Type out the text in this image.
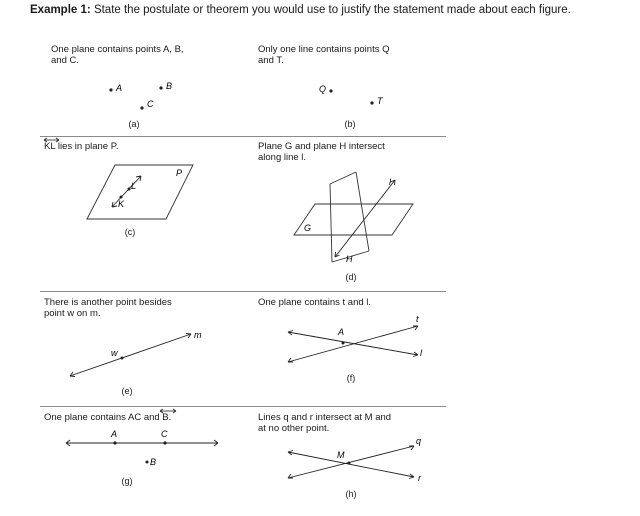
Example 1: State the postulate or theorem you would use to justify the statement made about each figure.
One plane contains points A, B,
and C.
A	B
C
(a)
Only one line contains points Q
and T.
Q
T
(b)
KL lies in plane P.
P
L
K
(c)
Plane G and plane H intersect
along line l.
G
H
l
(d)
There is another point besides
point w on m.
m
w
(e)
One plane contains t and l.
t
A
l
(f)
One plane contains AC and B.
A	C
B
(g)
Lines q and r intersect at M and
at no other point.
q
M
r
(h)
